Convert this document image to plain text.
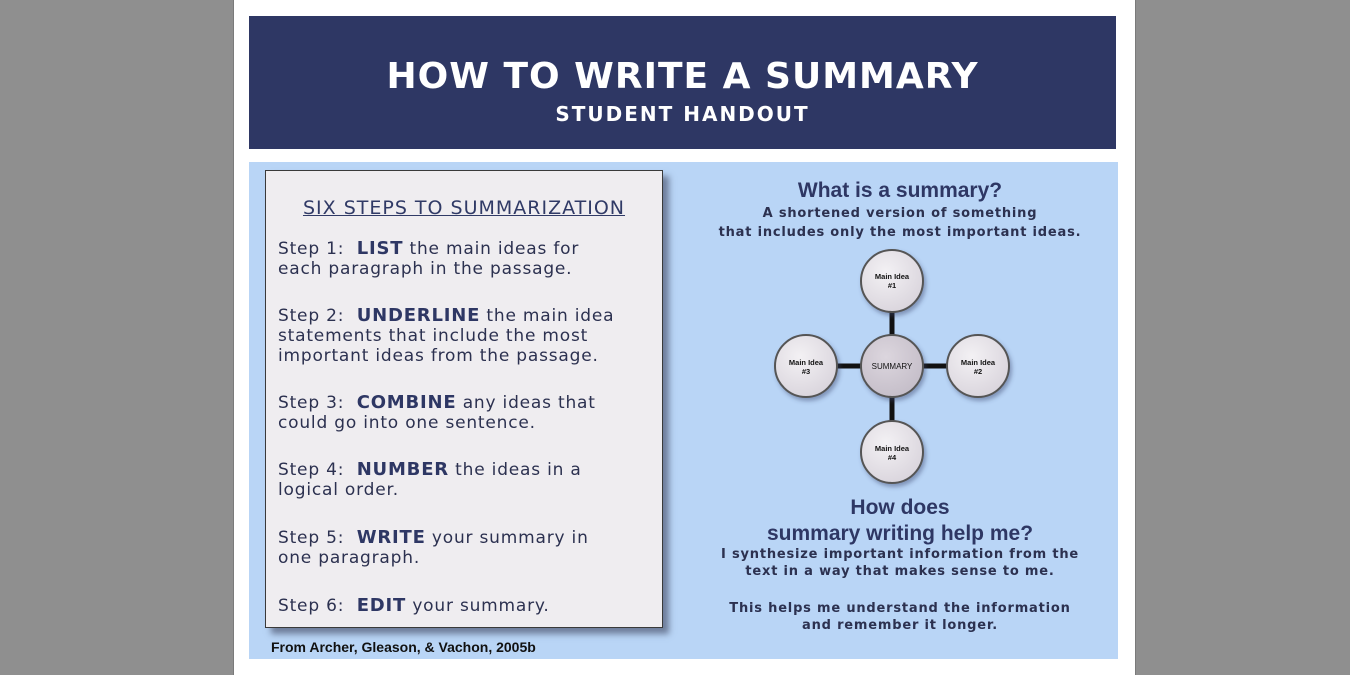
HOW TO WRITE A SUMMARY
STUDENT HANDOUT
SIX STEPS TO SUMMARIZATION
Step 1: LIST the main ideas for
each paragraph in the passage.
Step 2: UNDERLINE the main idea
statements that include the most
important ideas from the passage.
Step 3: COMBINE any ideas that
could go into one sentence.
Step 4: NUMBER the ideas in a
logical order.
Step 5: WRITE your summary in
one paragraph.
Step 6: EDIT your summary.
From Archer, Gleason, & Vachon, 2005b
What is a summary?
A shortened version of something
that includes only the most important ideas.
SUMMARY
Main Idea
#1
Main Idea
#2
Main Idea
#3
Main Idea
#4
How does
summary writing help me?
I synthesize important information from the
text in a way that makes sense to me.
This helps me understand the information
and remember it longer.
